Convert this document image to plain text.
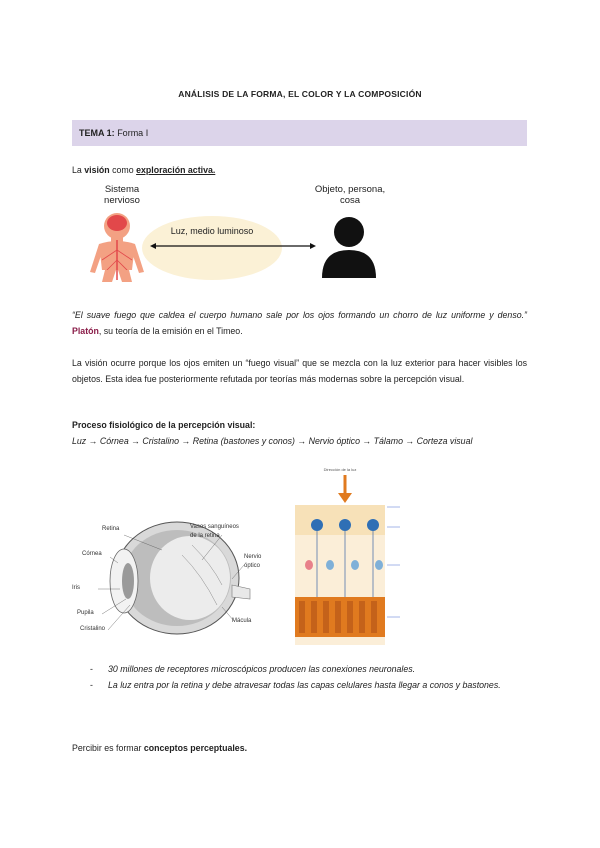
ANÁLISIS DE LA FORMA, EL COLOR Y LA COMPOSICIÓN
TEMA 1: Forma I
La visión como exploración activa.
Sistema
nervioso
Objeto, persona,
cosa
Luz, medio luminoso
“El suave fuego que caldea el cuerpo humano sale por los ojos formando un chorro de luz uniforme y denso.” Platón, su teoría de la emisión en el Timeo.
La visión ocurre porque los ojos emiten un “fuego visual” que se mezcla con la luz exterior para hacer visibles los objetos. Esta idea fue posteriormente refutada por teorías más modernas sobre la percepción visual.
Proceso fisiológico de la percepción visual:
Luz → Córnea → Cristalino → Retina (bastones y conos) → Nervio óptico → Tálamo → Corteza visual
Retina	Vasos sanguíneos
de la retina
Córnea
Iris
Pupila
Cristalino
Nervio
óptico
Mácula
Dirección de la luz
- 30 millones de receptores microscópicos producen las conexiones neuronales.
- La luz entra por la retina y debe atravesar todas las capas celulares hasta llegar a conos y bastones.
Percibir es formar conceptos perceptuales.
